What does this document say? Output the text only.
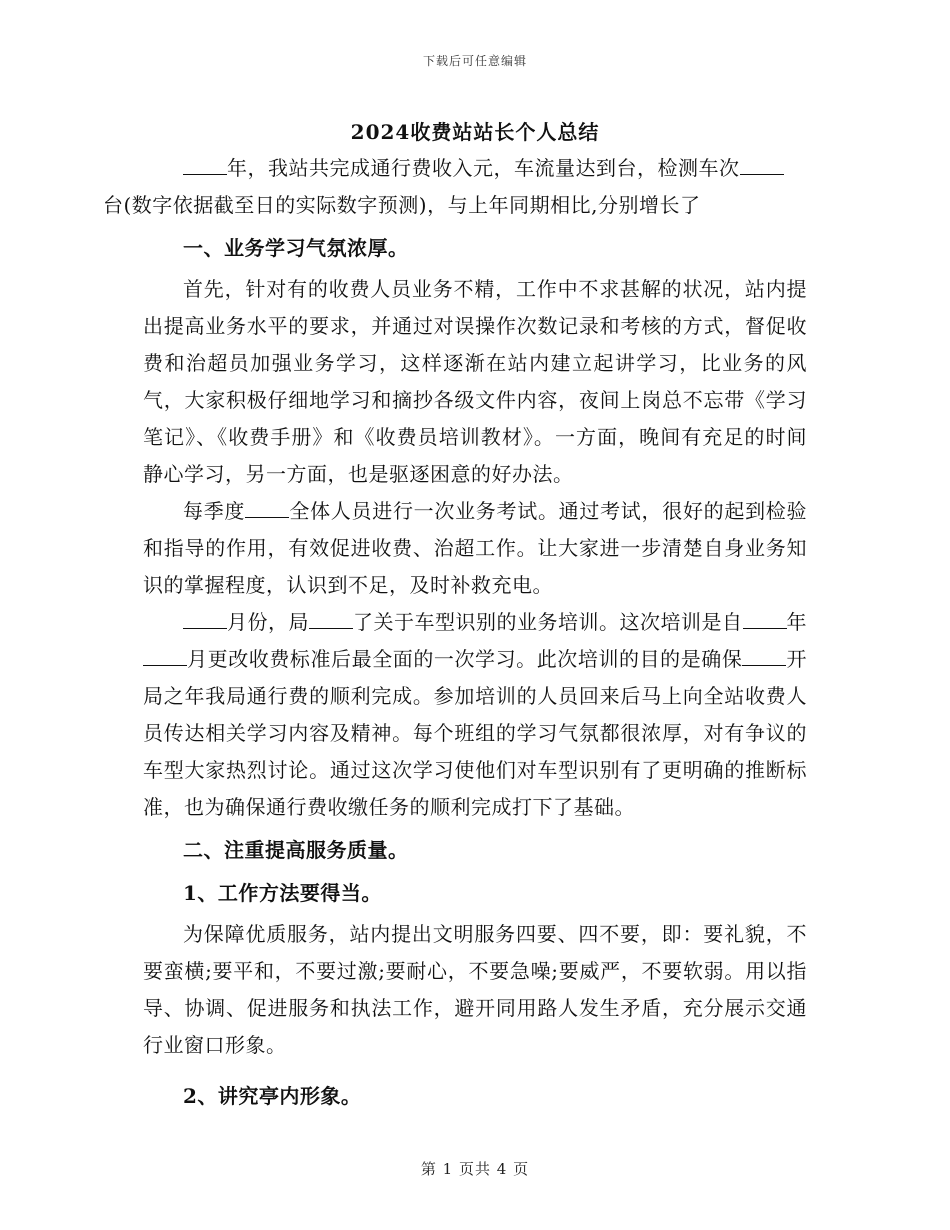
下载后可任意编辑
2024收费站站长个人总结

年，我站共完成通行费收入元，车流量达到台，检测车次
台(数字依据截至日的实际数字预测)，与上年同期相比,分别增长了

一、业务学习气氛浓厚。

首先，针对有的收费人员业务不精，工作中不求甚解的状况，站内提出提高业务水平的要求，并通过对误操作次数记录和考核的方式，督促收费和治超员加强业务学习，这样逐渐在站内建立起讲学习，比业务的风气，大家积极仔细地学习和摘抄各级文件内容，夜间上岗总不忘带《学习笔记》、《收费手册》和《收费员培训教材》。一方面，晚间有充足的时间静心学习，另一方面，也是驱逐困意的好办法。

每季度 全体人员进行一次业务考试。通过考试，很好的起到检验和指导的作用，有效促进收费、治超工作。让大家进一步清楚自身业务知识的掌握程度，认识到不足，及时补救充电。

月份，局 了关于车型识别的业务培训。这次培训是自 年月更改收费标准后最全面的一次学习。此次培训的目的是确保 开局之年我局通行费的顺利完成。参加培训的人员回来后马上向全站收费人员传达相关学习内容及精神。每个班组的学习气氛都很浓厚，对有争议的车型大家热烈讨论。通过这次学习使他们对车型识别有了更明确的推断标准，也为确保通行费收缴任务的顺利完成打下了基础。

二、注重提高服务质量。

1、工作方法要得当。

为保障优质服务，站内提出文明服务四要、四不要，即：要礼貌，不要蛮横;要平和，不要过激;要耐心，不要急噪;要威严，不要软弱。用以指导、协调、促进服务和执法工作，避开同用路人发生矛盾，充分展示交通行业窗口形象。

2、讲究亭内形象。

第 1 页共 4 页
